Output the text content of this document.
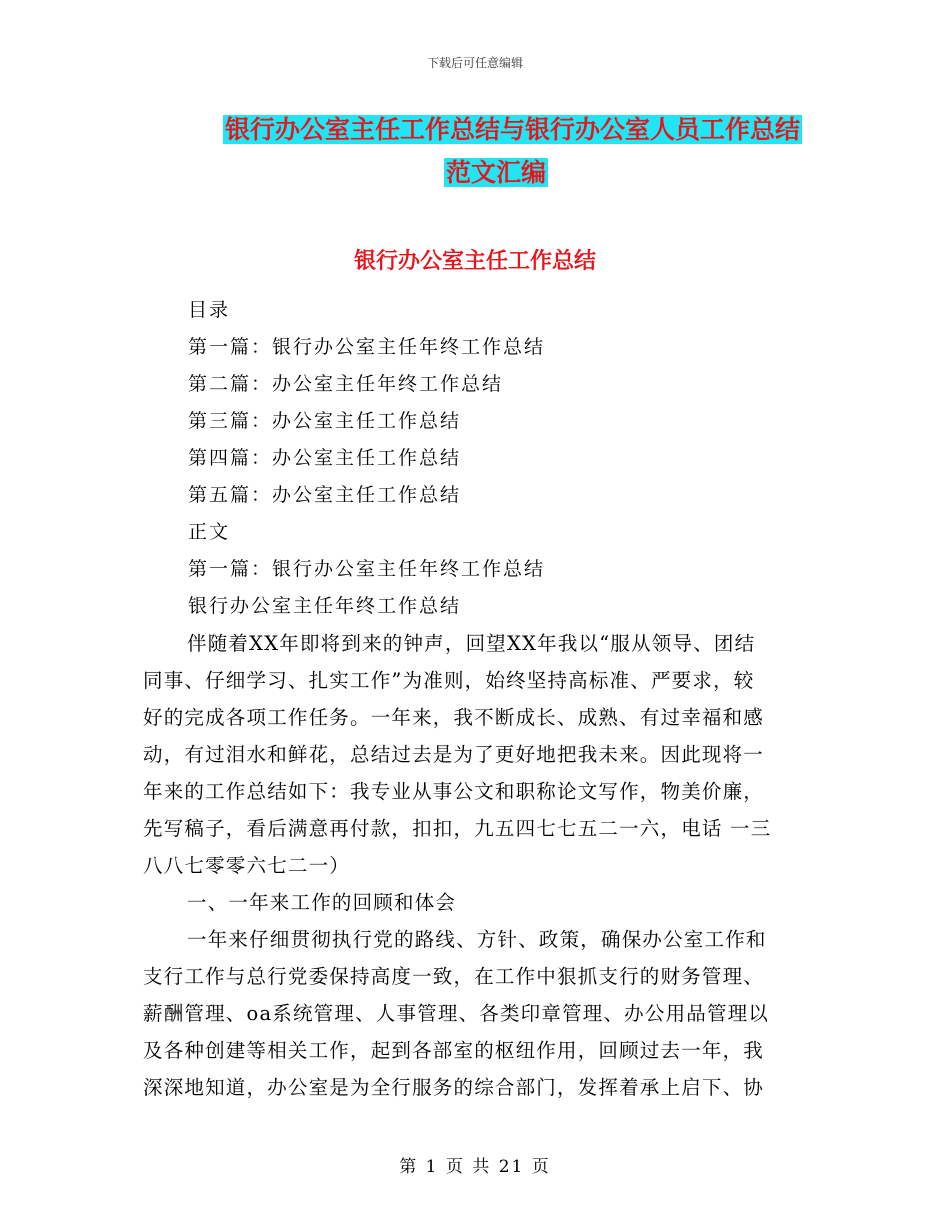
下载后可任意编辑
银行办公室主任工作总结与银行办公室人员工作总结
范文汇编
银行办公室主任工作总结
目录
第一篇：银行办公室主任年终工作总结
第二篇：办公室主任年终工作总结
第三篇：办公室主任工作总结
第四篇：办公室主任工作总结
第五篇：办公室主任工作总结
正文
第一篇：银行办公室主任年终工作总结
银行办公室主任年终工作总结
伴随着XX年即将到来的钟声，回望XX年我以“服从领导、团结
同事、仔细学习、扎实工作”为准则，始终坚持高标准、严要求，较
好的完成各项工作任务。一年来，我不断成长、成熟、有过幸福和感
动，有过泪水和鲜花，总结过去是为了更好地把我未来。因此现将一
年来的工作总结如下：我专业从事公文和职称论文写作，物美价廉，
先写稿子，看后满意再付款，扣扣，九五四七七五二一六，电话 一三
八八七零零六七二一）
一、一年来工作的回顾和体会
一年来仔细贯彻执行党的路线、方针、政策，确保办公室工作和
支行工作与总行党委保持高度一致，在工作中狠抓支行的财务管理、
薪酬管理、oa系统管理、人事管理、各类印章管理、办公用品管理以
及各种创建等相关工作，起到各部室的枢纽作用，回顾过去一年，我
深深地知道，办公室是为全行服务的综合部门，发挥着承上启下、协
第 1 页 共 21 页
